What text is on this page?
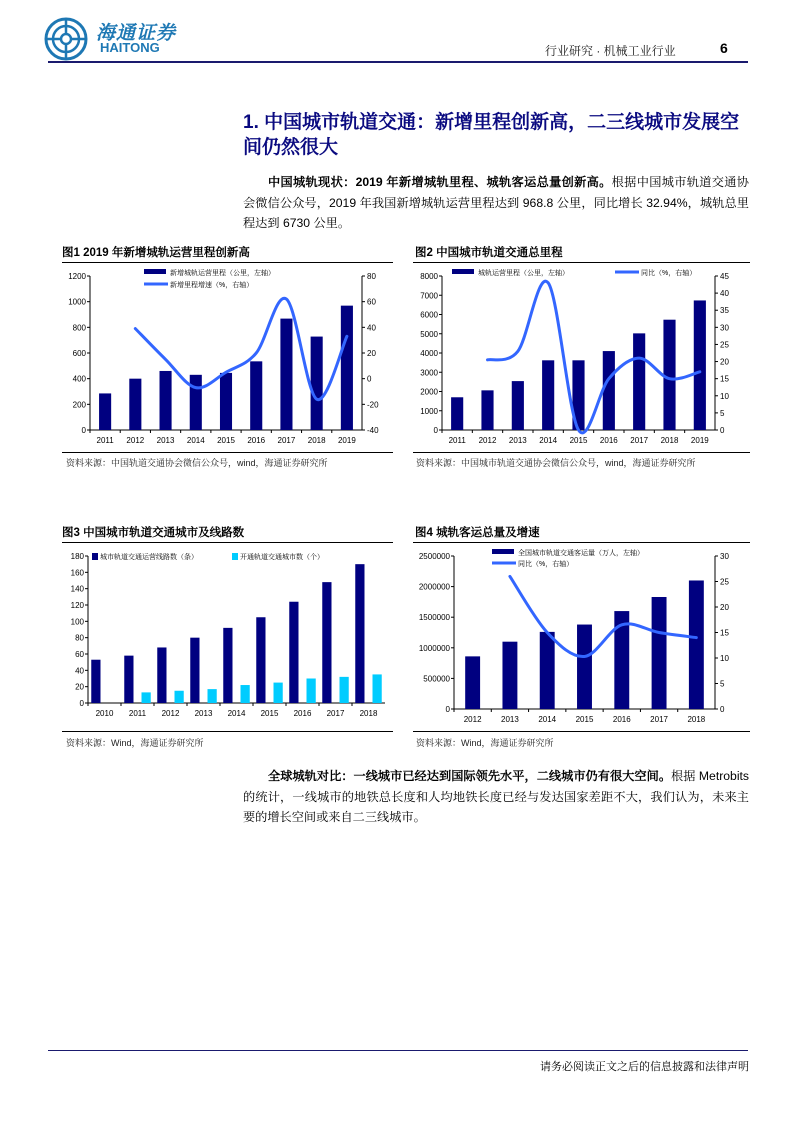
海通证券
HAITONG	行业研究 · 机械工业行业	6
1. 中国城市轨道交通：新增里程创新高，二三线城市发展空间仍然很大
中国城轨现状：2019 年新增城轨里程、城轨客运总量创新高。根据中国城市轨道交通协会微信公众号，2019 年我国新增城轨运营里程达到 968.8 公里，同比增长 32.94%，城轨总里程达到 6730 公里。
图1 2019 年新增城轨运营里程创新高
0
200
400
600
800
1000
1200
-40
-20
0
20
40
60
80
2011 2012 2013 2014 2015 2016 2017 2018 2019
新增城轨运营里程（公里，左轴）
新增里程增速（%，右轴）
资料来源：中国轨道交通协会微信公众号，wind，海通证券研究所
图2 中国城市轨道交通总里程
0
1000
2000
3000
4000
5000
6000
7000
8000
0
5
10
15
20
25
30
35
40
45
2011 2012 2013 2014 2015 2016 2017 2018 2019
城轨运营里程（公里，左轴）	同比（%，右轴）
资料来源：中国城市轨道交通协会微信公众号，wind，海通证券研究所
图3 中国城市轨道交通城市及线路数
0
20
40
60
80
100
120
140
160
180
2010 2011 2012 2013 2014 2015 2016 2017 2018
城市轨道交通运营线路数（条）	开通轨道交通城市数（个）
资料来源：Wind，海通证券研究所
图4 城轨客运总量及增速
0
500000
1000000
1500000
2000000
2500000
0
5
10
15
20
25
30
2012 2013 2014 2015 2016 2017 2018
全国城市轨道交通客运量（万人，左轴）
同比（%，右轴）
资料来源：Wind，海通证券研究所
全球城轨对比：一线城市已经达到国际领先水平，二线城市仍有很大空间。根据 Metrobits 的统计，一线城市的地铁总长度和人均地铁长度已经与发达国家差距不大，我们认为，未来主要的增长空间或来自二三线城市。
请务必阅读正文之后的信息披露和法律声明
